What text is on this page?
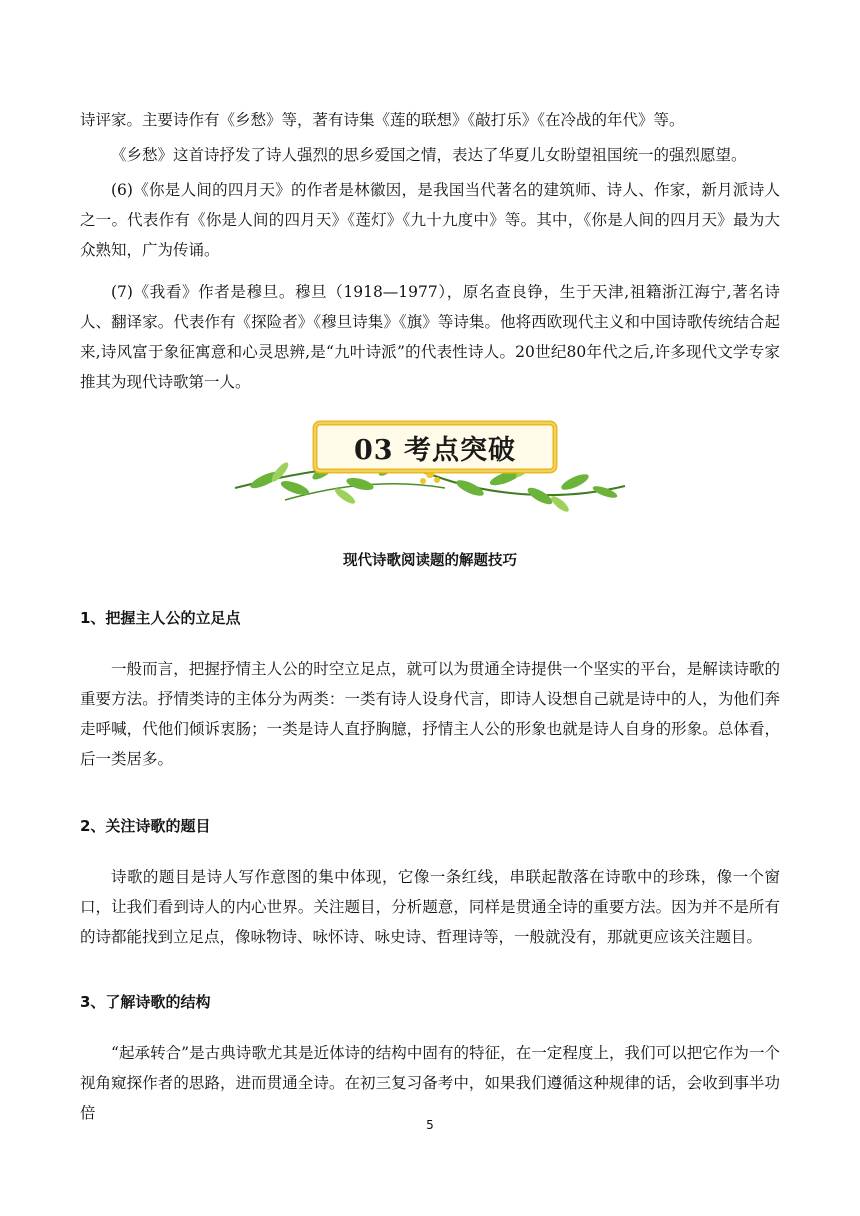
诗评家。主要诗作有《乡愁》等，著有诗集《莲的联想》《敲打乐》《在冷战的年代》等。

《乡愁》这首诗抒发了诗人强烈的思乡爱国之情，表达了华夏儿女盼望祖国统一的强烈愿望。

(6)《你是人间的四月天》的作者是林徽因，是我国当代著名的建筑师、诗人、作家，新月派诗人之一。代表作有《你是人间的四月天》《莲灯》《九十九度中》等。其中，《你是人间的四月天》最为大众熟知，广为传诵。

(7)《我看》作者是穆旦。穆旦（1918—1977），原名查良铮，生于天津,祖籍浙江海宁,著名诗人、翻译家。代表作有《探险者》《穆旦诗集》《旗》等诗集。他将西欧现代主义和中国诗歌传统结合起来,诗风富于象征寓意和心灵思辨,是“九叶诗派”的代表性诗人。20世纪80年代之后,许多现代文学专家推其为现代诗歌第一人。

03 考点突破

现代诗歌阅读题的解题技巧

1、把握主人公的立足点

一般而言，把握抒情主人公的时空立足点，就可以为贯通全诗提供一个坚实的平台，是解读诗歌的重要方法。抒情类诗的主体分为两类：一类有诗人设身代言，即诗人设想自己就是诗中的人，为他们奔走呼喊，代他们倾诉衷肠；一类是诗人直抒胸臆，抒情主人公的形象也就是诗人自身的形象。总体看，后一类居多。

2、关注诗歌的题目

诗歌的题目是诗人写作意图的集中体现，它像一条红线，串联起散落在诗歌中的珍珠，像一个窗口，让我们看到诗人的内心世界。关注题目，分析题意，同样是贯通全诗的重要方法。因为并不是所有的诗都能找到立足点，像咏物诗、咏怀诗、咏史诗、哲理诗等，一般就没有，那就更应该关注题目。

3、了解诗歌的结构

“起承转合”是古典诗歌尤其是近体诗的结构中固有的特征，在一定程度上，我们可以把它作为一个视角窥探作者的思路，进而贯通全诗。在初三复习备考中，如果我们遵循这种规律的话，会收到事半功倍

5
